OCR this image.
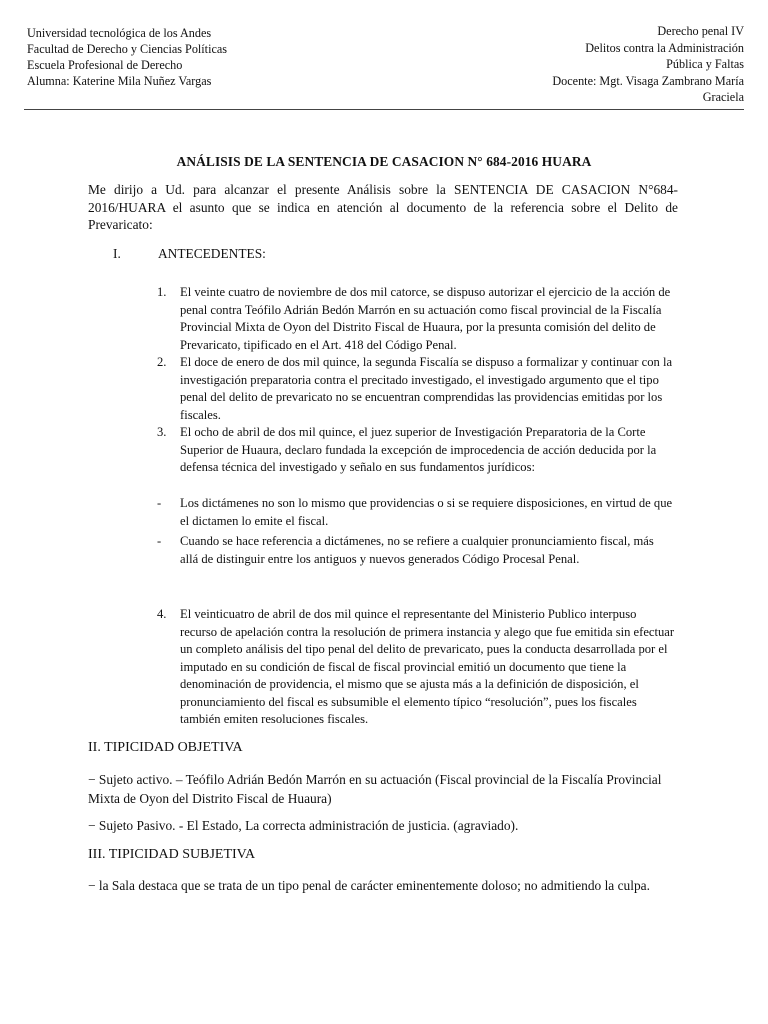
Universidad tecnológica de los Andes
Facultad de Derecho y Ciencias Políticas
Escuela Profesional de Derecho
Alumna: Katerine Mila Nuñez Vargas
Derecho penal IV
Delitos contra la Administración
Pública y Faltas
Docente: Mgt. Visaga Zambrano María
Graciela
ANÁLISIS DE LA SENTENCIA DE CASACION N° 684-2016 HUARA
Me dirijo a Ud. para alcanzar el presente Análisis sobre la SENTENCIA DE CASACION N°684-2016/HUARA el asunto que se indica en atención al documento de la referencia sobre el Delito de Prevaricato:
I.	ANTECEDENTES:
1. El veinte cuatro de noviembre de dos mil catorce, se dispuso autorizar el ejercicio de la acción de penal contra Teófilo Adrián Bedón Marrón en su actuación como fiscal provincial de la Fiscalía Provincial Mixta de Oyon del Distrito Fiscal de Huaura, por la presunta comisión del delito de Prevaricato, tipificado en el Art. 418 del Código Penal.
2. El doce de enero de dos mil quince, la segunda Fiscalía se dispuso a formalizar y continuar con la investigación preparatoria contra el precitado investigado, el investigado argumento que el tipo penal del delito de prevaricato no se encuentran comprendidas las providencias emitidas por los fiscales.
3. El ocho de abril de dos mil quince, el juez superior de Investigación Preparatoria de la Corte Superior de Huaura, declaro fundada la excepción de improcedencia de acción deducida por la defensa técnica del investigado y señalo en sus fundamentos jurídicos:
- Los dictámenes no son lo mismo que providencias o si se requiere disposiciones, en virtud de que el dictamen lo emite el fiscal.
- Cuando se hace referencia a dictámenes, no se refiere a cualquier pronunciamiento fiscal, más allá de distinguir entre los antiguos y nuevos generados Código Procesal Penal.
4. El veinticuatro de abril de dos mil quince el representante del Ministerio Publico interpuso recurso de apelación contra la resolución de primera instancia y alego que fue emitida sin efectuar un completo análisis del tipo penal del delito de prevaricato, pues la conducta desarrollada por el imputado en su condición de fiscal de fiscal provincial emitió un documento que tiene la denominación de providencia, el mismo que se ajusta más a la definición de disposición, el pronunciamiento del fiscal es subsumible el elemento típico “resolución”, pues los fiscales también emiten resoluciones fiscales.
II. TIPICIDAD OBJETIVA
− Sujeto activo. – Teófilo Adrián Bedón Marrón en su actuación (Fiscal provincial de la Fiscalía Provincial Mixta de Oyon del Distrito Fiscal de Huaura)
− Sujeto Pasivo. - El Estado, La correcta administración de justicia. (agraviado).
III. TIPICIDAD SUBJETIVA
− la Sala destaca que se trata de un tipo penal de carácter eminentemente doloso; no admitiendo la culpa.
